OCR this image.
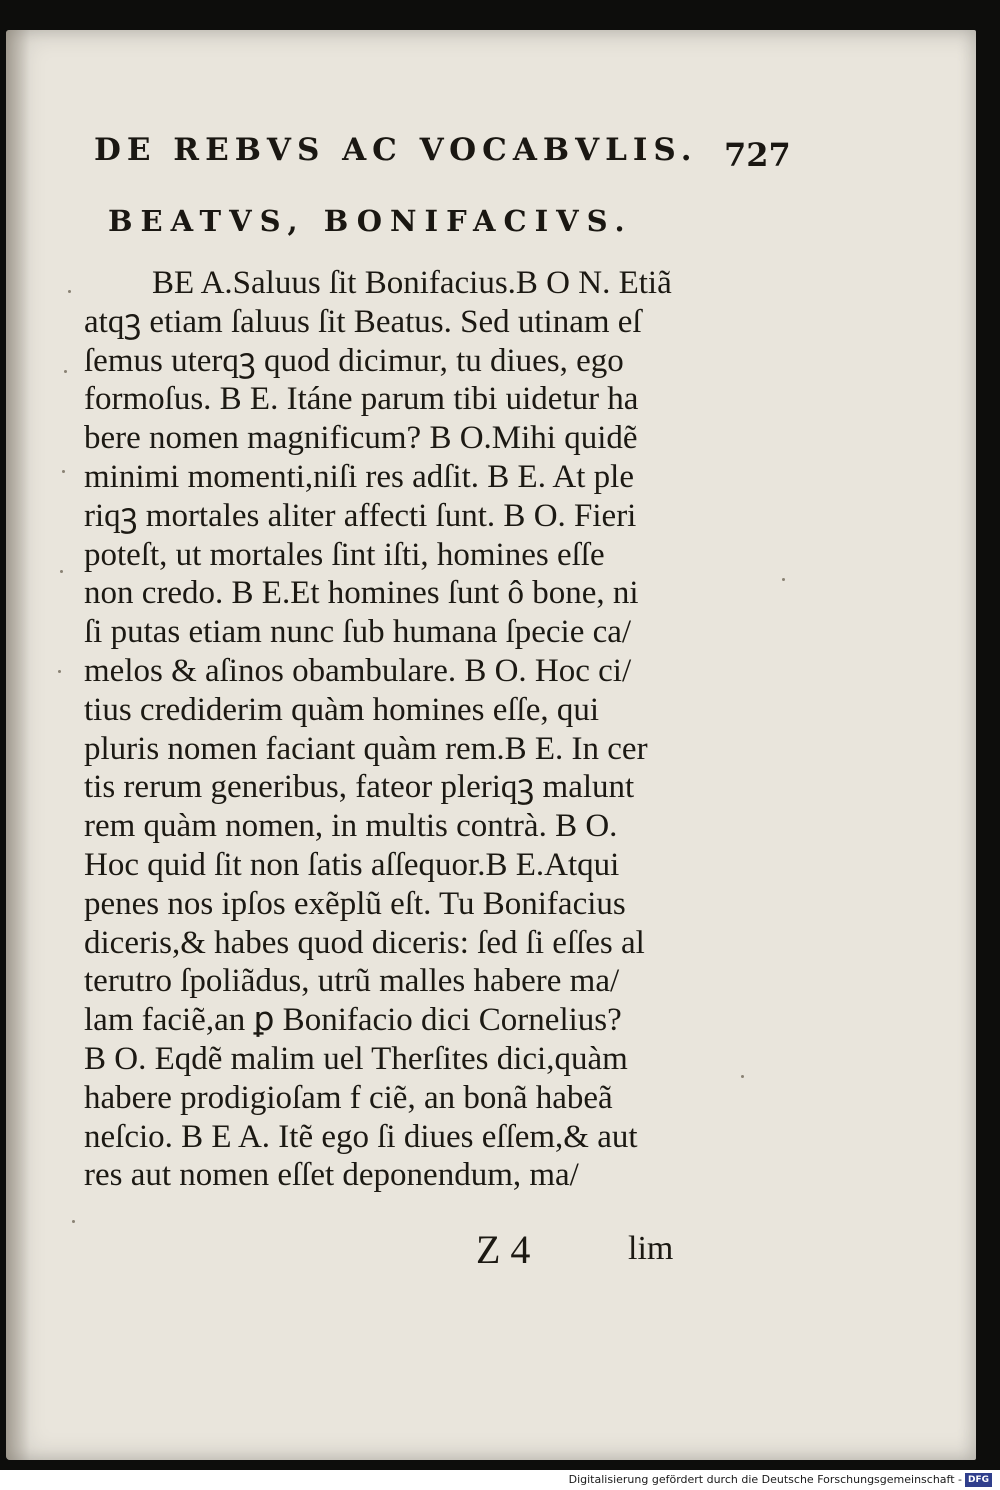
DE REBVS AC VOCABVLIS. 727
BEATVS, BONIFACIVS.
BE A.Saluus ſit Bonifacius.B O N. Etiã
atqꝫ etiam ſaluus ſit Beatus. Sed utinam eſ
ſemus uterqꝫ quod dicimur, tu diues, ego
formoſus. B E. Itáne parum tibi uidetur ha
bere nomen magnificum? B O.Mihi quidẽ
minimi momenti,niſi res adſit. B E. At ple
riqꝫ mortales aliter affecti ſunt. B O. Fieri
poteſt, ut mortales ſint iſti, homines eſſe
non credo. B E.Et homines ſunt ô bone, ni
ſi putas etiam nunc ſub humana ſpecie ca/
melos & aſinos obambulare. B O. Hoc ci/
tius crediderim quàm homines eſſe, qui
pluris nomen faciant quàm rem.B E. In cer
tis rerum generibus, fateor pleriqꝫ malunt
rem quàm nomen, in multis contrà. B O.
Hoc quid ſit non ſatis aſſequor.B E.Atqui
penes nos ipſos exẽplũ eſt. Tu Bonifacius
diceris,& habes quod diceris: ſed ſi eſſes al
terutro ſpoliãdus, utrũ malles habere ma/
lam faciẽ,an ꝑ Bonifacio dici Cornelius?
B O. Eqdẽ malim uel Therſites dici,quàm
habere prodigioſam f ciẽ, an bonã habeã
neſcio. B E A. Itẽ ego ſi diues eſſem,& aut
res aut nomen eſſet deponendum, ma/
Z 4	lim
Digitalisierung gefördert durch die Deutsche Forschungsgemeinschaft - DFG
